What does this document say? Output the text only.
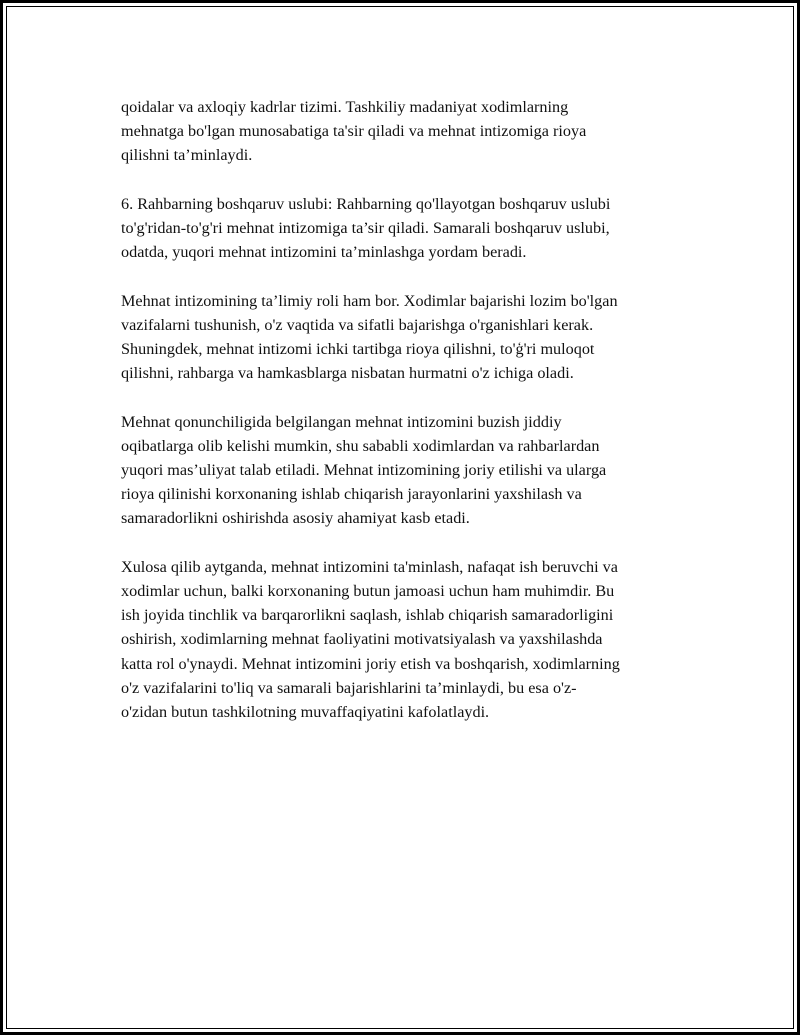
qoidalar va axloqiy kadrlar tizimi. Tashkiliy madaniyat xodimlarning
mehnatga bo'lgan munosabatiga ta'sir qiladi va mehnat intizomiga rioya
qilishni ta’minlaydi.

6. Rahbarning boshqaruv uslubi: Rahbarning qo'llayotgan boshqaruv uslubi
to'g'ridan-to'g'ri mehnat intizomiga ta’sir qiladi. Samarali boshqaruv uslubi,
odatda, yuqori mehnat intizomini ta’minlashga yordam beradi.

Mehnat intizomining ta’limiy roli ham bor. Xodimlar bajarishi lozim bo'lgan
vazifalarni tushunish, o'z vaqtida va sifatli bajarishga o'rganishlari kerak.
Shuningdek, mehnat intizomi ichki tartibga rioya qilishni, to'ģ'ri muloqot
qilishni, rahbarga va hamkasblarga nisbatan hurmatni o'z ichiga oladi.

Mehnat qonunchiligida belgilangan mehnat intizomini buzish jiddiy
oqibatlarga olib kelishi mumkin, shu sababli xodimlardan va rahbarlardan
yuqori mas’uliyat talab etiladi. Mehnat intizomining joriy etilishi va ularga
rioya qilinishi korxonaning ishlab chiqarish jarayonlarini yaxshilash va
samaradorlikni oshirishda asosiy ahamiyat kasb etadi.

Xulosa qilib aytganda, mehnat intizomini ta'minlash, nafaqat ish beruvchi va
xodimlar uchun, balki korxonaning butun jamoasi uchun ham muhimdir. Bu
ish joyida tinchlik va barqarorlikni saqlash, ishlab chiqarish samaradorligini
oshirish, xodimlarning mehnat faoliyatini motivatsiyalash va yaxshilashda
katta rol o'ynaydi. Mehnat intizomini joriy etish va boshqarish, xodimlarning
o'z vazifalarini to'liq va samarali bajarishlarini ta’minlaydi, bu esa o'z-
o'zidan butun tashkilotning muvaffaqiyatini kafolatlaydi.
